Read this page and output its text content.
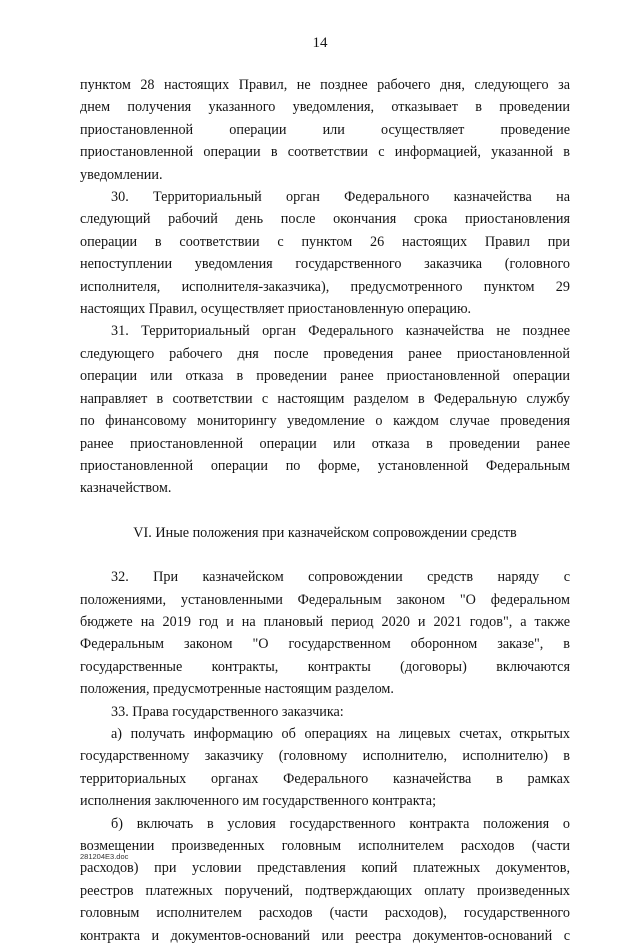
14

пунктом 28 настоящих Правил, не позднее рабочего дня, следующего за
днем получения указанного уведомления, отказывает в проведении
приостановленной операции или осуществляет проведение
приостановленной операции в соответствии с информацией, указанной в
уведомлении.

30. Территориальный орган Федерального казначейства на
следующий рабочий день после окончания срока приостановления
операции в соответствии с пунктом 26 настоящих Правил при
непоступлении уведомления государственного заказчика (головного
исполнителя, исполнителя-заказчика), предусмотренного пунктом 29
настоящих Правил, осуществляет приостановленную операцию.

31. Территориальный орган Федерального казначейства не позднее
следующего рабочего дня после проведения ранее приостановленной
операции или отказа в проведении ранее приостановленной операции
направляет в соответствии с настоящим разделом в Федеральную службу
по финансовому мониторингу уведомление о каждом случае проведения
ранее приостановленной операции или отказа в проведении ранее
приостановленной операции по форме, установленной Федеральным
казначейством.

VI. Иные положения при казначейском сопровождении средств

32. При казначейском сопровождении средств наряду с
положениями, установленными Федеральным законом "О федеральном
бюджете на 2019 год и на плановый период 2020 и 2021 годов", а также
Федеральным законом "О государственном оборонном заказе", в
государственные контракты, контракты (договоры) включаются
положения, предусмотренные настоящим разделом.

33. Права государственного заказчика:

а) получать информацию об операциях на лицевых счетах, открытых
государственному заказчику (головному исполнителю, исполнителю) в
территориальных органах Федерального казначейства в рамках
исполнения заключенного им государственного контракта;

б) включать в условия государственного контракта положения о
возмещении произведенных головным исполнителем расходов (части
расходов) при условии представления копий платежных документов,
реестров платежных поручений, подтверждающих оплату произведенных
головным исполнителем расходов (части расходов), государственного
контракта и документов-оснований или реестра документов-оснований с

281204E3.doc
